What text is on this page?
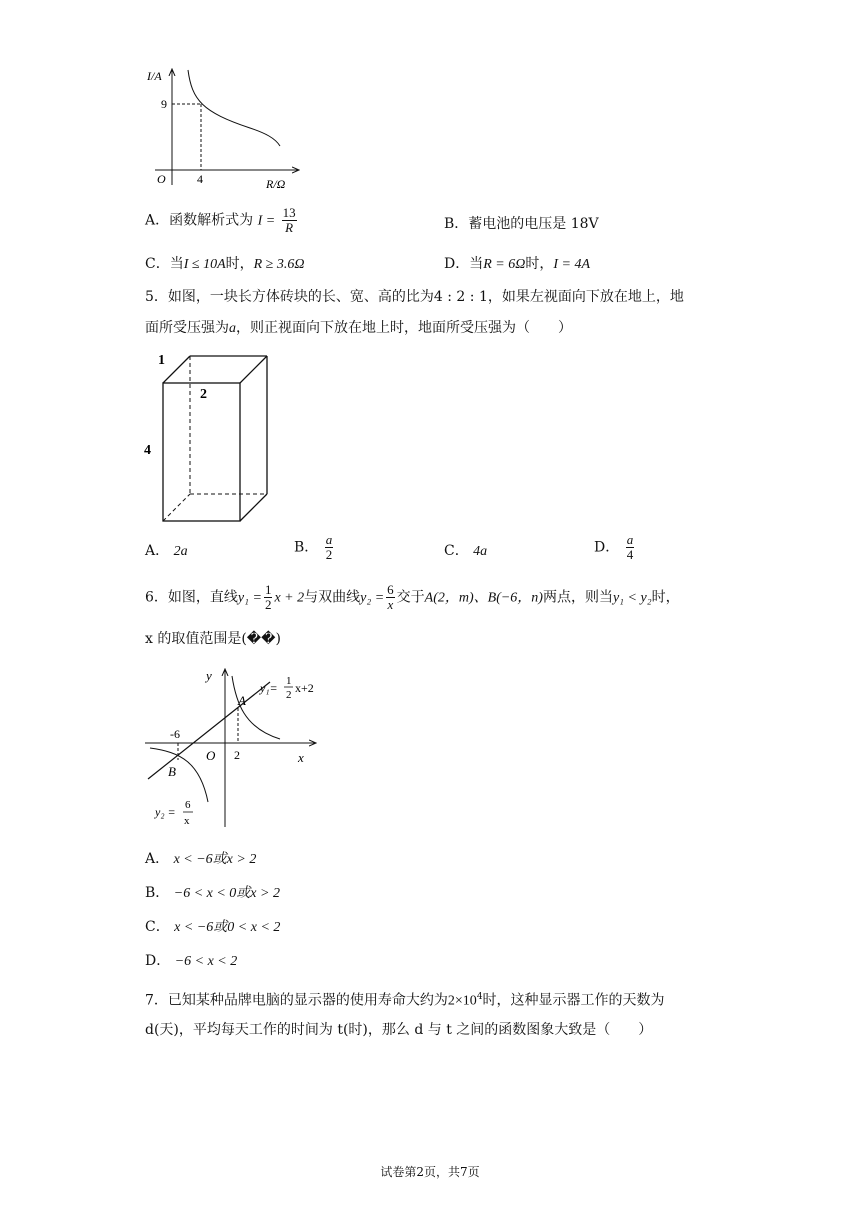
I/A
R/Ω
O
9
4
A．函数解析式为 $I = \frac{13}{R}$	B．蓄电池的电压是 18V
C．当I ≤ 10A时，R ≥ 3.6Ω	D．当R = 6Ω时，I = 4A
5．如图，一块长方体砖块的长、宽、高的比为4 : 2 : 1，如果左视面向下放在地上，地
面所受压强为a，则正视面向下放在地上时，地面所受压强为（　　）
1
2
4
A． 2a	B． $\frac{a}{2}$	C． 4a	D． $\frac{a}{4}$
6．如图，直线$y_1 = \frac{1}{2}$ x + 2与双曲线$y_2 = \frac{6}{x}$ 交于A(2，m)、B(−6，n)两点，则当y₁ < y₂时，
x 的取值范围是(��)
y
x
O
-6
2
A
B
y₁= 1
2 x+2
y₂ = 6
x
A． x < −6或x > 2
B． −6 < x < 0或x > 2
C． x < −6或0 < x < 2
D． −6 < x < 2
7．已知某种品牌电脑的显示器的使用寿命大约为$2\times 10^4$时，这种显示器工作的天数为
d(天)，平均每天工作的时间为 t(时)，那么 d 与 t 之间的函数图象大致是（　　）
试卷第2页，共7页
